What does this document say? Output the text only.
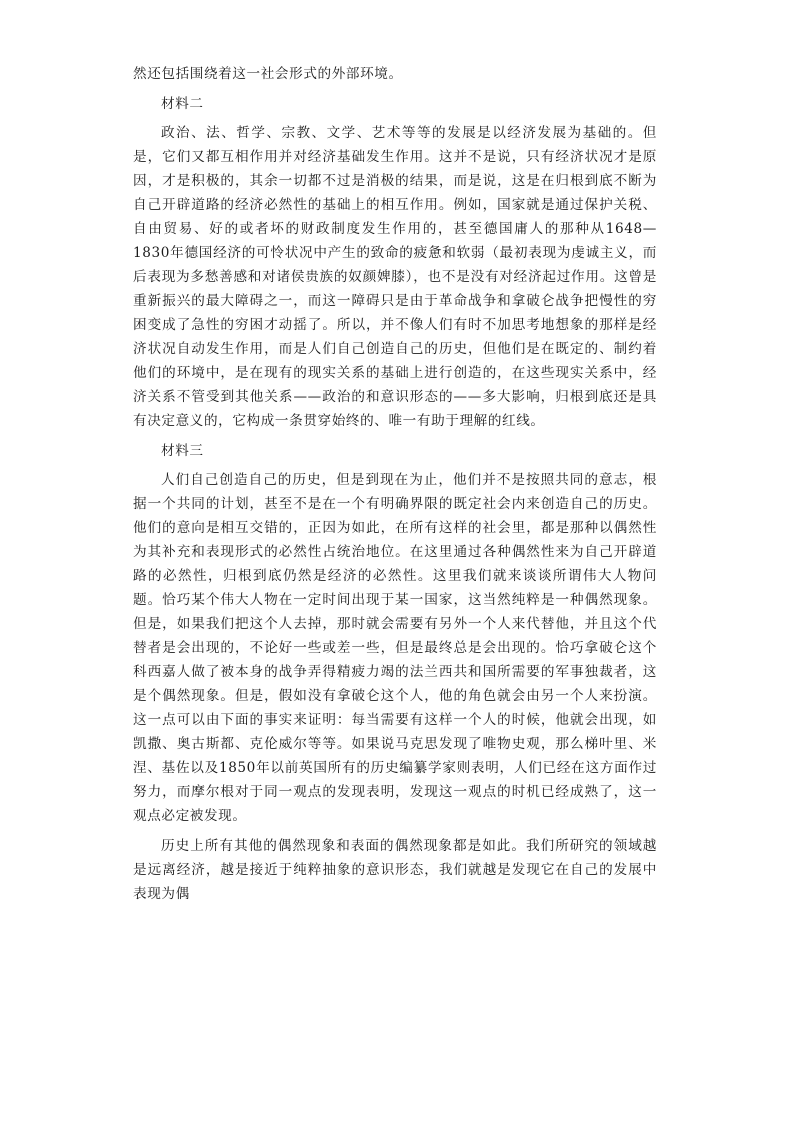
然还包括围绕着这一社会形式的外部环境。

材料二

政治、法、哲学、宗教、文学、艺术等等的发展是以经济发展为基础的。但是，它们又都互相作用并对经济基础发生作用。这并不是说，只有经济状况才是原因，才是积极的，其余一切都不过是消极的结果，而是说，这是在归根到底不断为自己开辟道路的经济必然性的基础上的相互作用。例如，国家就是通过保护关税、自由贸易、好的或者坏的财政制度发生作用的，甚至德国庸人的那种从1648—1830年德国经济的可怜状况中产生的致命的疲惫和软弱（最初表现为虔诚主义，而后表现为多愁善感和对诸侯贵族的奴颜婢膝），也不是没有对经济起过作用。这曾是重新振兴的最大障碍之一，而这一障碍只是由于革命战争和拿破仑战争把慢性的穷困变成了急性的穷困才动摇了。所以，并不像人们有时不加思考地想象的那样是经济状况自动发生作用，而是人们自己创造自己的历史，但他们是在既定的、制约着他们的环境中，是在现有的现实关系的基础上进行创造的，在这些现实关系中，经济关系不管受到其他关系——政治的和意识形态的——多大影响，归根到底还是具有决定意义的，它构成一条贯穿始终的、唯一有助于理解的红线。

材料三

人们自己创造自己的历史，但是到现在为止，他们并不是按照共同的意志，根据一个共同的计划，甚至不是在一个有明确界限的既定社会内来创造自己的历史。他们的意向是相互交错的，正因为如此，在所有这样的社会里，都是那种以偶然性为其补充和表现形式的必然性占统治地位。在这里通过各种偶然性来为自己开辟道路的必然性，归根到底仍然是经济的必然性。这里我们就来谈谈所谓伟大人物问题。恰巧某个伟大人物在一定时间出现于某一国家，这当然纯粹是一种偶然现象。但是，如果我们把这个人去掉，那时就会需要有另外一个人来代替他，并且这个代替者是会出现的，不论好一些或差一些，但是最终总是会出现的。恰巧拿破仑这个科西嘉人做了被本身的战争弄得精疲力竭的法兰西共和国所需要的军事独裁者，这是个偶然现象。但是，假如没有拿破仑这个人，他的角色就会由另一个人来扮演。这一点可以由下面的事实来证明：每当需要有这样一个人的时候，他就会出现，如凯撒、奥古斯都、克伦威尔等等。如果说马克思发现了唯物史观，那么梯叶里、米涅、基佐以及1850年以前英国所有的历史编纂学家则表明，人们已经在这方面作过努力，而摩尔根对于同一观点的发现表明，发现这一观点的时机已经成熟了，这一观点必定被发现。

历史上所有其他的偶然现象和表面的偶然现象都是如此。我们所研究的领域越是远离经济，越是接近于纯粹抽象的意识形态，我们就越是发现它在自己的发展中表现为偶
